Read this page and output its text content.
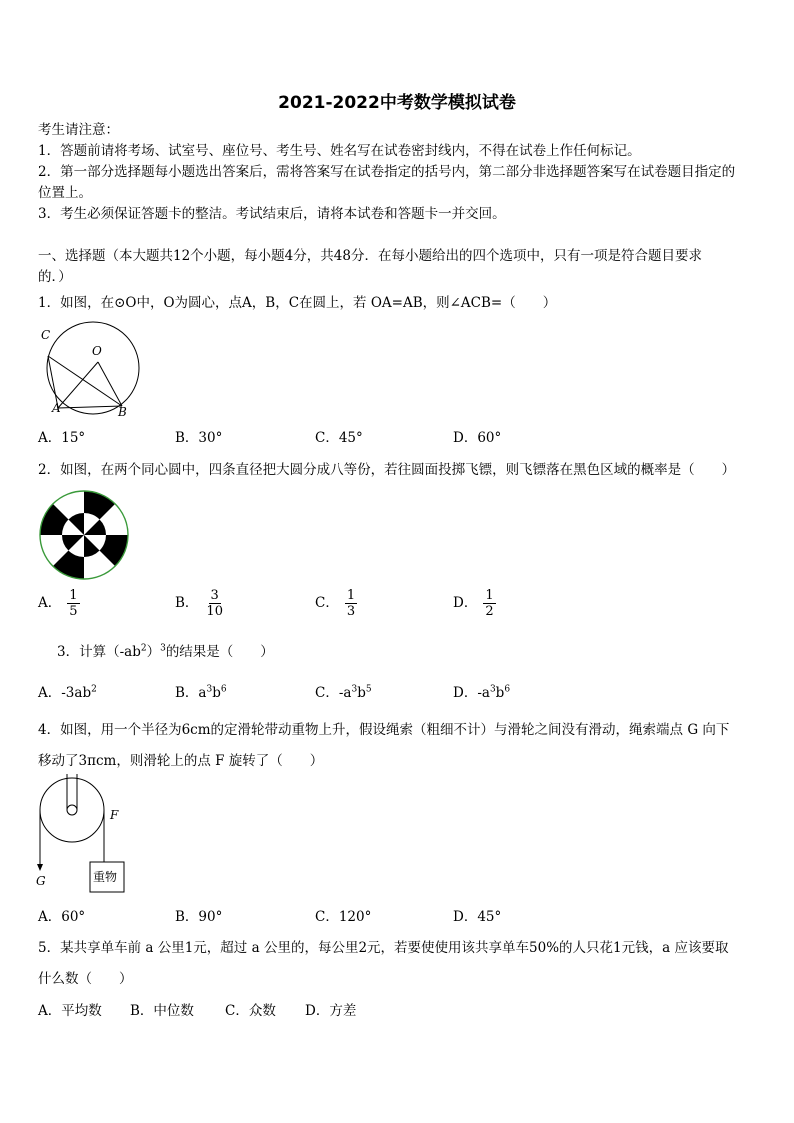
2021-2022中考数学模拟试卷
考生请注意：
1．答题前请将考场、试室号、座位号、考生号、姓名写在试卷密封线内，不得在试卷上作任何标记。
2．第一部分选择题每小题选出答案后，需将答案写在试卷指定的括号内，第二部分非选择题答案写在试卷题目指定的
位置上。
3．考生必须保证答题卡的整洁。考试结束后，请将本试卷和答题卡一并交回。
一、选择题（本大题共12个小题，每小题4分，共48分．在每小题给出的四个选项中，只有一项是符合题目要求
的．）
1．如图，在⊙O中，O为圆心，点A，B，C在圆上，若 OA=AB，则∠ACB=（　　）
C
O
A	B
A．15°	B．30°	C．45°	D．60°
2．如图，在两个同心圆中，四条直径把大圆分成八等份，若往圆面投掷飞镖，则飞镖落在黑色区域的概率是（　　）
A． $\frac{1}{5}$	B． $\frac{3}{10}$	C． $\frac{1}{3}$	D． $\frac{1}{2}$
3．计算$(-ab^2)^3$的结果是（　　）
A．$-3ab^2$	B．$a^3b^6$	C．$-a^3b^5$	D．$-a^3b^6$
4．如图，用一个半径为6cm的定滑轮带动重物上升，假设绳索（粗细不计）与滑轮之间没有滑动，绳索端点 G 向下
移动了3πcm，则滑轮上的点 F 旋转了（　　）
重物
F
G
A．60°	B．90°	C．120°	D．45°
5．某共享单车前 a 公里1元，超过 a 公里的，每公里2元，若要使使用该共享单车50%的人只花1元钱，a 应该要取
什么数（　　）
A．平均数 B．中位数 C．众数 D．方差
